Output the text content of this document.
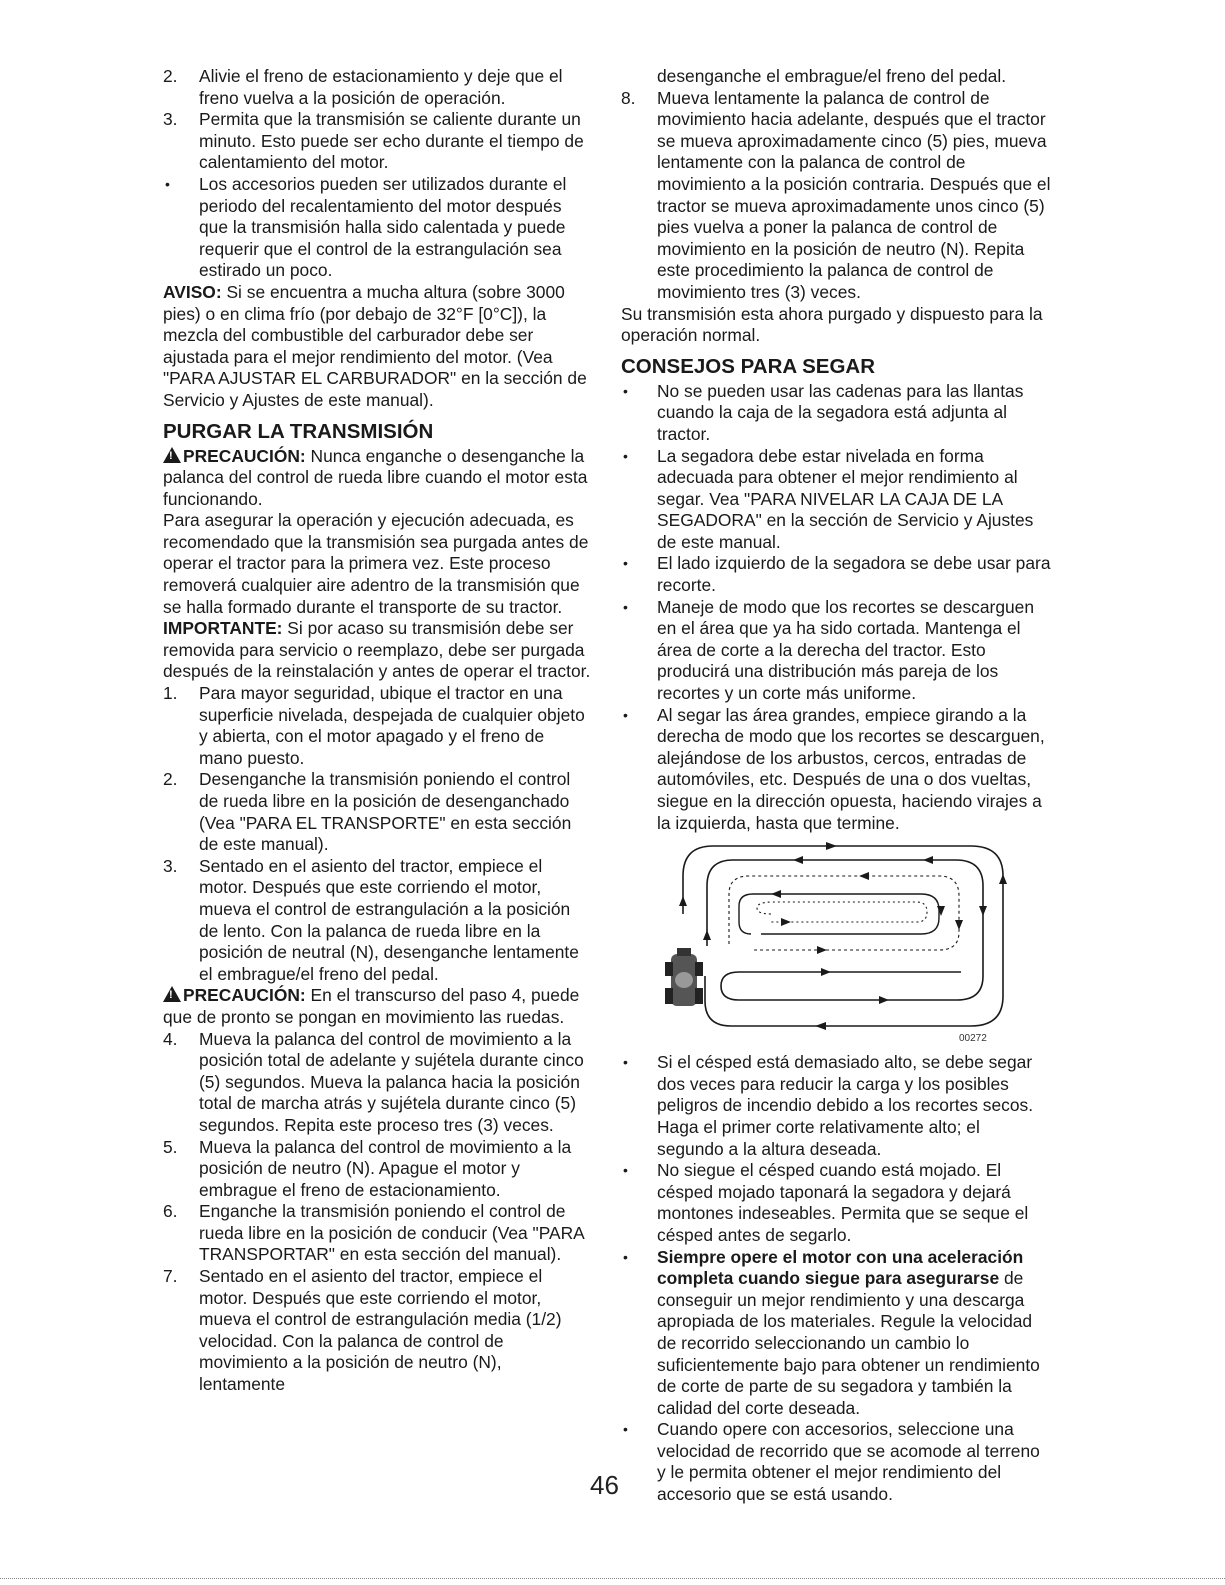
2. Alivie el freno de estacionamiento y deje que el freno vuelva a la posición de operación.
3. Permita que la transmisión se caliente durante un minuto. Esto puede ser echo durante el tiempo de calentamiento del motor.
• Los accesorios pueden ser utilizados durante el periodo del recalentamiento del motor después que la transmisión halla sido calentada y puede requerir que el control de la estrangulación sea estirado un poco.

AVISO: Si se encuentra a mucha altura (sobre 3000 pies) o en clima frío (por debajo de 32°F [0°C]), la mezcla del combustible del carburador debe ser ajustada para el mejor rendimiento del motor. (Vea "PARA AJUSTAR EL CARBURADOR" en la sección de Servicio y Ajustes de este manual).

PURGAR LA TRANSMISIÓN

!PRECAUCIÓN: Nunca enganche o desenganche la palanca del control de rueda libre cuando el motor esta funcionando.

Para asegurar la operación y ejecución adecuada, es recomendado que la transmisión sea purgada antes de operar el tractor para la primera vez. Este proceso removerá cualquier aire adentro de la transmisión que se halla formado durante el transporte de su tractor.

IMPORTANTE: Si por acaso su transmisión debe ser removida para servicio o reemplazo, debe ser purgada después de la reinstalación y antes de operar el tractor.

1. Para mayor seguridad, ubique el tractor en una superficie nivelada, despejada de cualquier objeto y abierta, con el motor apagado y el freno de mano puesto.
2. Desenganche la transmisión poniendo el control de rueda libre en la posición de desenganchado (Vea "PARA EL TRANSPORTE" en esta sección de este manual).
3. Sentado en el asiento del tractor, empiece el motor. Después que este corriendo el motor, mueva el control de estrangulación a la posición de lento. Con la palanca de rueda libre en la posición de neutral (N), desenganche lentamente el embrague/el freno del pedal.

!PRECAUCIÓN: En el transcurso del paso 4, puede que de pronto se pongan en movimiento las ruedas.

4. Mueva la palanca del control de movimiento a la posición total de adelante y sujétela durante cinco (5) segundos. Mueva la palanca hacia la posición total de marcha atrás y sujétela durante cinco (5) segundos. Repita este proceso tres (3) veces.
5. Mueva la palanca del control de movimiento a la posición de neutro (N). Apague el motor y embrague el freno de estacionamiento.
6. Enganche la transmisión poniendo el control de rueda libre en la posición de conducir (Vea "PARA TRANSPORTAR" en esta sección del manual).
7. Sentado en el asiento del tractor, empiece el motor. Después que este corriendo el motor, mueva el control de estrangulación media (1/2) velocidad. Con la palanca de control de movimiento a la posición de neutro (N), lentamente
desenganche el embrague/el freno del pedal.
8. Mueva lentamente la palanca de control de movimiento hacia adelante, después que el tractor se mueva aproximadamente cinco (5) pies, mueva lentamente con la palanca de control de movimiento a la posición contraria. Después que el tractor se mueva aproximadamente unos cinco (5) pies vuelva a poner la palanca de control de movimiento en la posición de neutro (N). Repita este procedimiento la palanca de control de movimiento tres (3) veces.

Su transmisión esta ahora purgado y dispuesto para la operación normal.

CONSEJOS PARA SEGAR
• No se pueden usar las cadenas para las llantas cuando la caja de la segadora está adjunta al tractor.
• La segadora debe estar nivelada en forma adecuada para obtener el mejor rendimiento al segar. Vea "PARA NIVELAR LA CAJA DE LA SEGADORA" en la sección de Servicio y Ajustes de este manual.
• El lado izquierdo de la segadora se debe usar para recorte.
• Maneje de modo que los recortes se descarguen en el área que ya ha sido cortada. Mantenga el área de corte a la derecha del tractor. Esto producirá una distribución más pareja de los recortes y un corte más uniforme.
• Al segar las área grandes, empiece girando a la derecha de modo que los recortes se descarguen, alejándose de los arbustos, cercos, entradas de automóviles, etc. Después de una o dos vueltas, siegue en la dirección opuesta, haciendo virajes a la izquierda, hasta que termine.
00272
• Si el césped está demasiado alto, se debe segar dos veces para reducir la carga y los posibles peligros de incendio debido a los recortes secos. Haga el primer corte relativamente alto; el segundo a la altura deseada.
• No siegue el césped cuando está mojado. El césped mojado taponará la segadora y dejará montones indeseables. Permita que se seque el césped antes de segarlo.
• Siempre opere el motor con una aceleración completa cuando siegue para asegurarse de conseguir un mejor rendimiento y una descarga apropiada de los materiales. Regule la velocidad de recorrido seleccionando un cambio lo suficientemente bajo para obtener un rendimiento de corte de parte de su segadora y también la calidad del corte deseada.
• Cuando opere con accesorios, seleccione una velocidad de recorrido que se acomode al terreno y le permita obtener el mejor rendimiento del accesorio que se está usando.
46
